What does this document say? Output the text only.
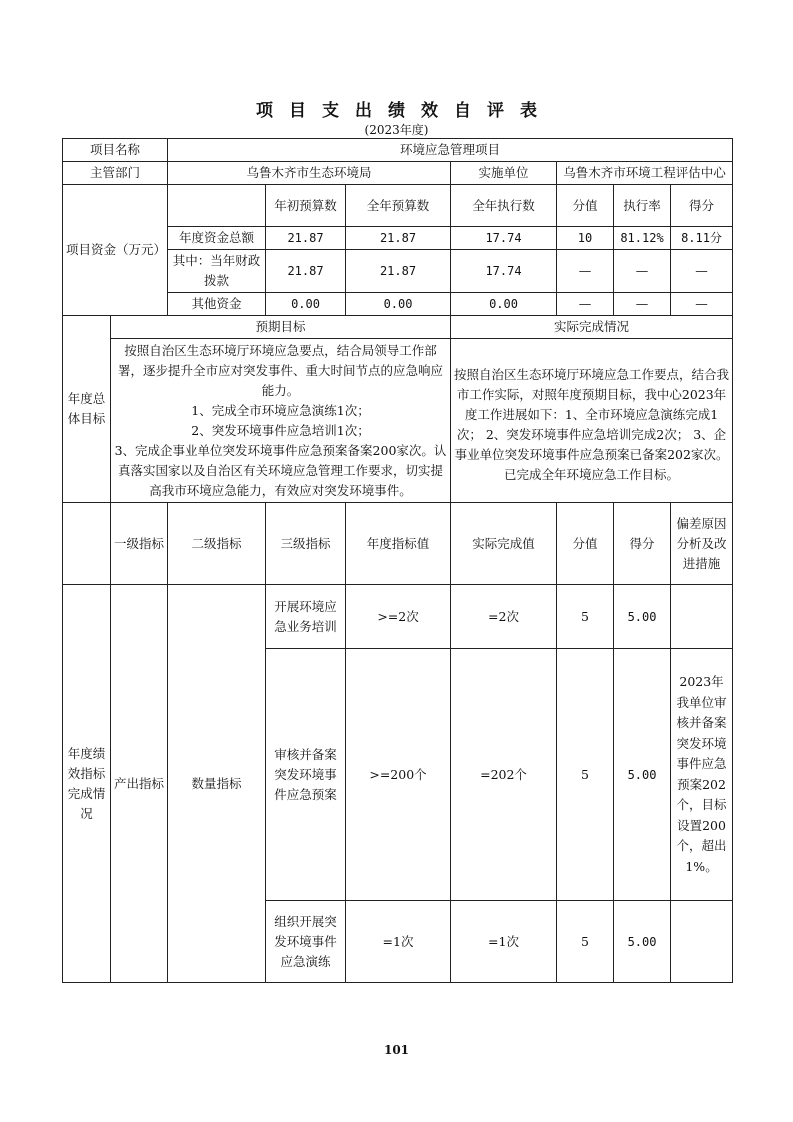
项目支出绩效自评表
(2023年度)
项目名称		环境应急管理项目						
主管部门		乌鲁木齐市生态环境局			实施单位	乌鲁木齐市环境工程评估中心		

项目资金（万元）			年初预算数	全年预算数	全年执行数	分值	执行率	得分
		年度资金总额	21.87	21.87	17.74	10	81.12%	8.11分
		其中：当年财政拨款	21.87	21.87	17.74	—	—	—
		其他资金	0.00	0.00	0.00	—	—	—
年度总体目标	预期目标				实际完成情况			
	按照自治区生态环境厅环境应急要点，结合局领导工作部署，逐步提升全市应对突发事件、重大时间节点的应急响应能力。
1、完成全市环境应急演练1次；
2、突发环境事件应急培训1次；
3、完成企事业单位突发环境事件应急预案备案200家次。认真落实国家以及自治区有关环境应急管理工作要求，切实提高我市环境应急能力，有效应对突发环境事件。				按照自治区生态环境厅环境应急工作要点，结合我市工作实际，对照年度预期目标，我中心2023年度工作进展如下：1、全市环境应急演练完成1次； 2、突发环境事件应急培训完成2次； 3、企事业单位突发环境事件应急预案已备案202家次。已完成全年环境应急工作目标。			
	一级指标	二级指标	三级指标	年度指标值	实际完成值	分值	得分	偏差原因分析及改进措施
年度绩效指标完成情况	产出指标	数量指标	开展环境应急业务培训	>=2次	=2次	5	5.00	
			审核并备案突发环境事件应急预案	>=200个	=202个	5	5.00	2023年我单位审核并备案突发环境事件应急预案202个，目标设置200个，超出1%。
			组织开展突发环境事件应急演练	=1次	=1次	5	5.00	
101
